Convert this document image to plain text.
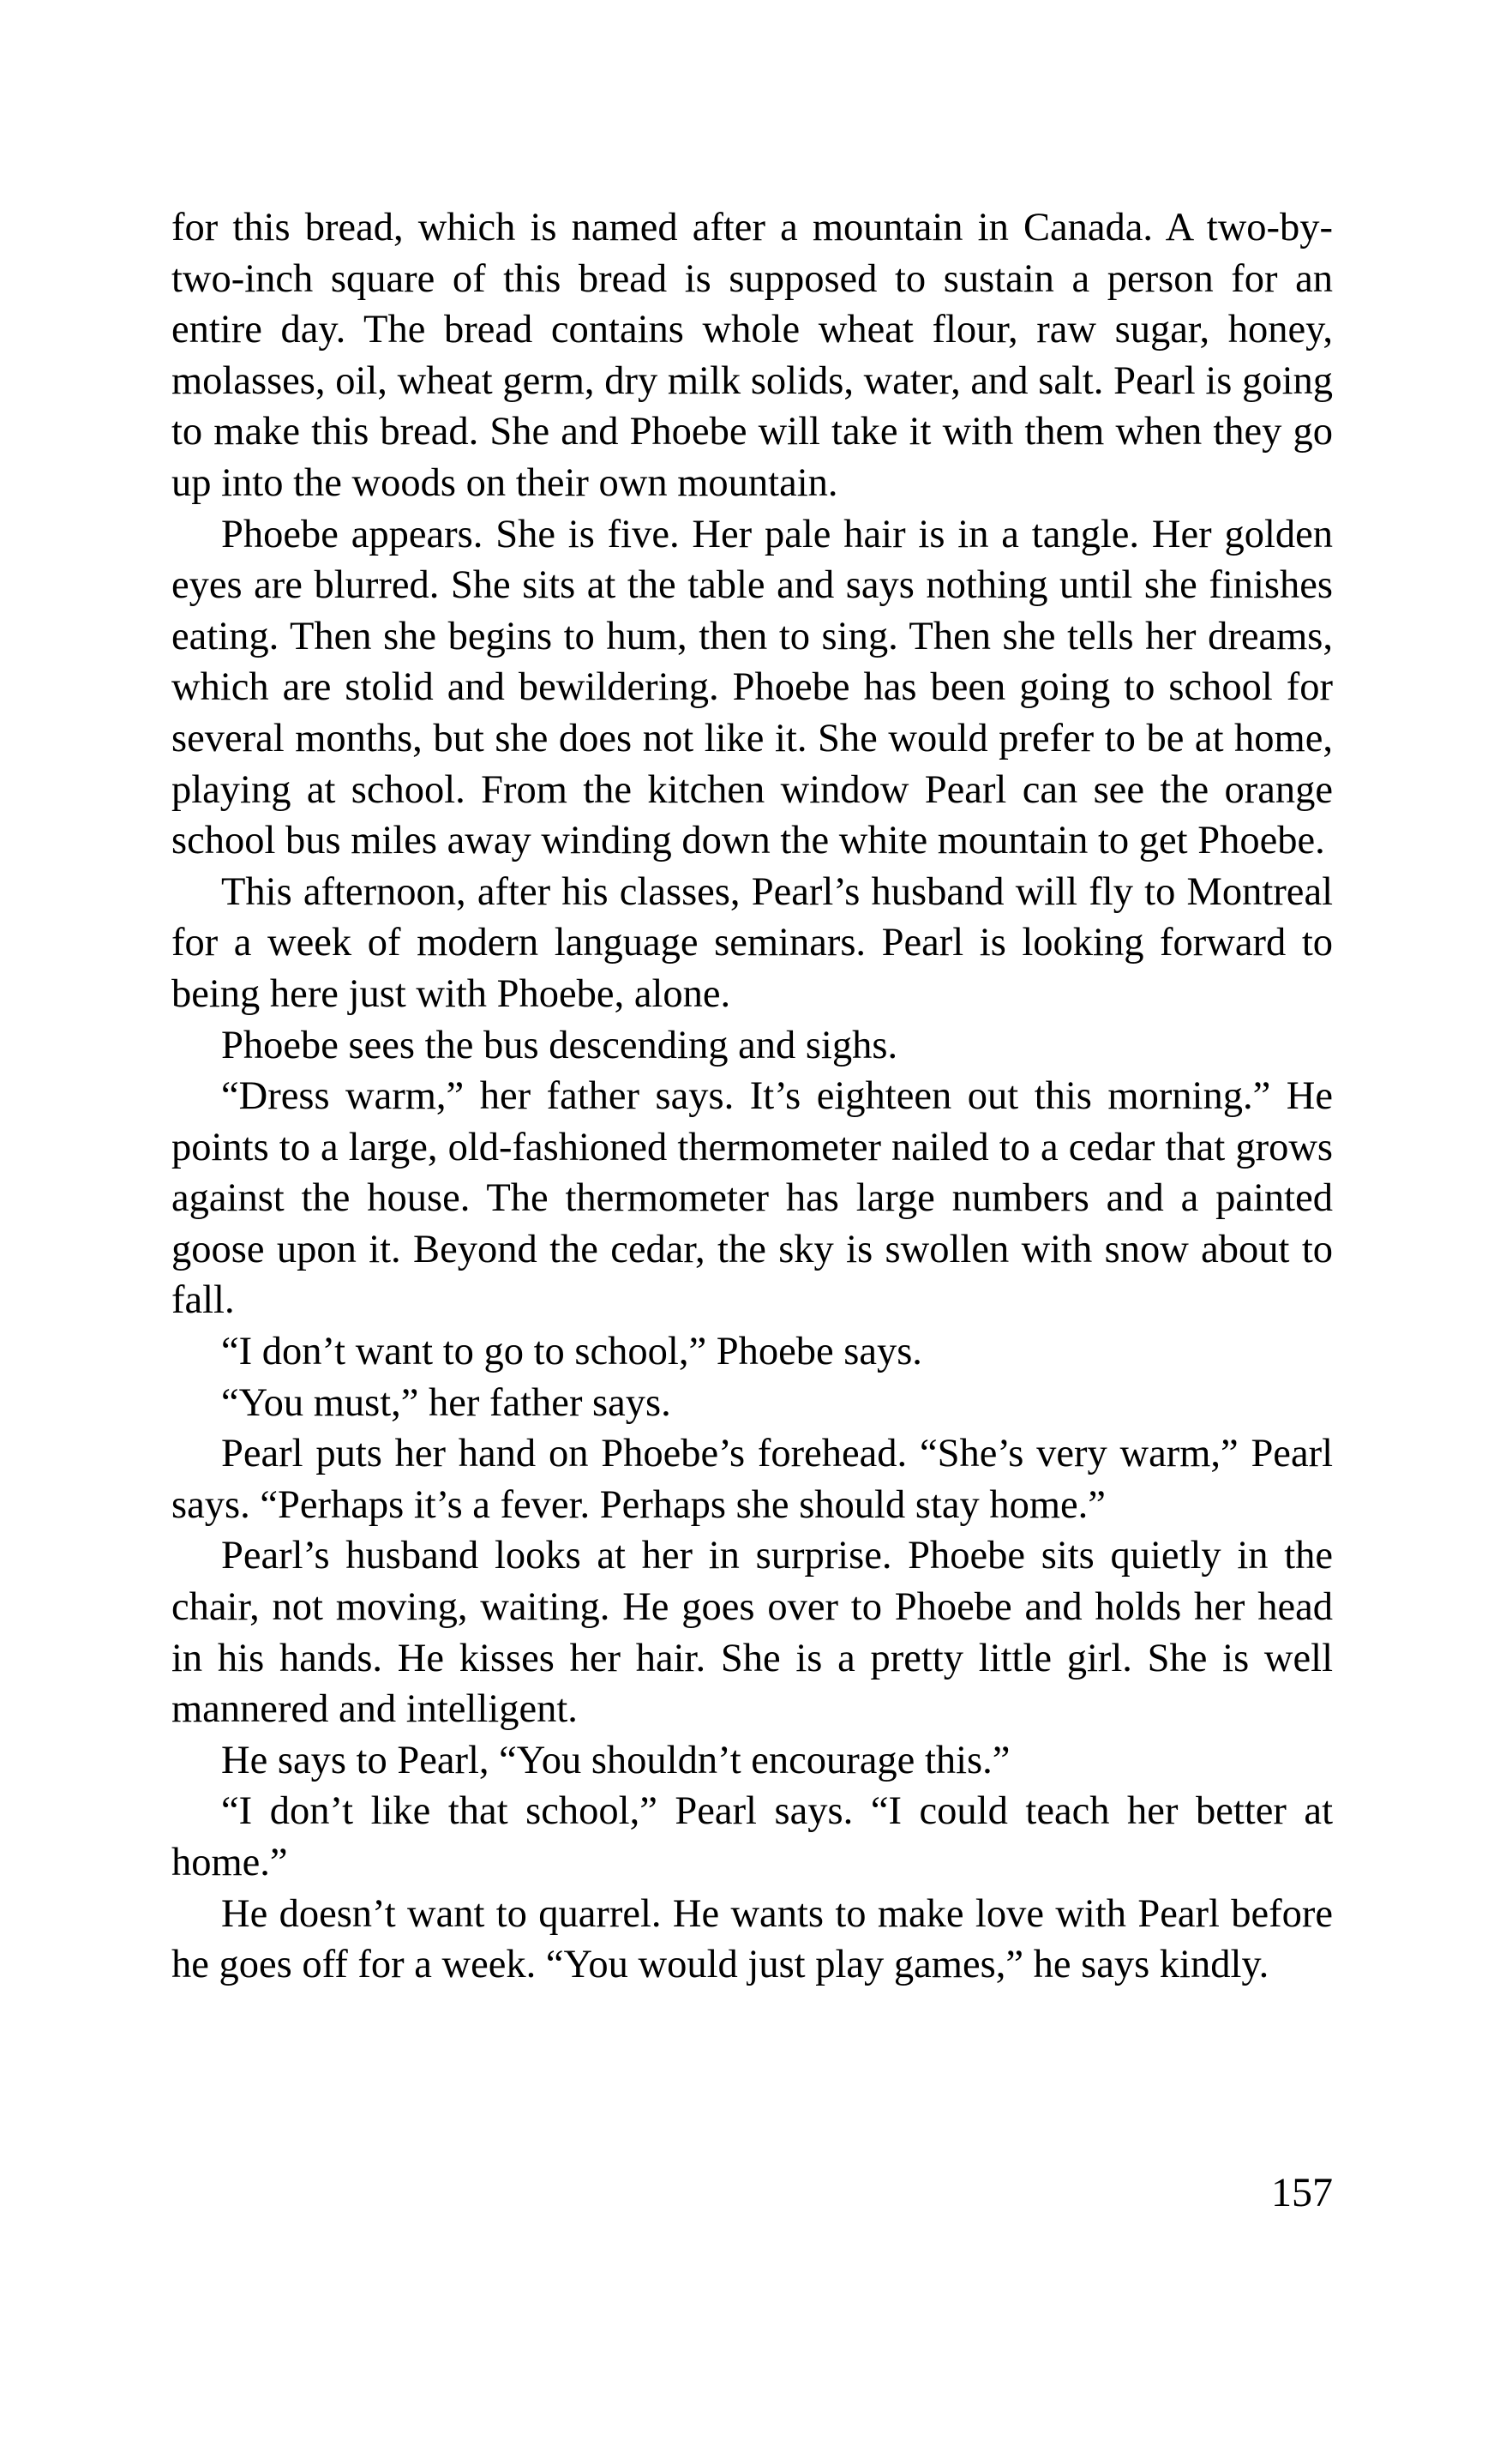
for this bread, which is named after a mountain in Canada. A two-by-two-inch square of this bread is supposed to sustain a person for an entire day. The bread contains whole wheat flour, raw sugar, honey, molasses, oil, wheat germ, dry milk solids, water, and salt. Pearl is going to make this bread. She and Phoebe will take it with them when they go up into the woods on their own mountain.

Phoebe appears. She is five. Her pale hair is in a tangle. Her golden eyes are blurred. She sits at the table and says nothing until she finishes eating. Then she begins to hum, then to sing. Then she tells her dreams, which are stolid and bewildering. Phoebe has been going to school for several months, but she does not like it. She would prefer to be at home, playing at school. From the kitchen window Pearl can see the orange school bus miles away winding down the white mountain to get Phoebe.

This afternoon, after his classes, Pearl’s husband will fly to Montreal for a week of modern language seminars. Pearl is looking forward to being here just with Phoebe, alone.

Phoebe sees the bus descending and sighs.

“Dress warm,” her father says. It’s eighteen out this morning.” He points to a large, old-fashioned thermometer nailed to a cedar that grows against the house. The thermometer has large numbers and a painted goose upon it. Beyond the cedar, the sky is swollen with snow about to fall.

“I don’t want to go to school,” Phoebe says.

“You must,” her father says.

Pearl puts her hand on Phoebe’s forehead. “She’s very warm,” Pearl says. “Perhaps it’s a fever. Perhaps she should stay home.”

Pearl’s husband looks at her in surprise. Phoebe sits quietly in the chair, not moving, waiting. He goes over to Phoebe and holds her head in his hands. He kisses her hair. She is a pretty little girl. She is well mannered and intelligent.

He says to Pearl, “You shouldn’t encourage this.”

“I don’t like that school,” Pearl says. “I could teach her better at home.”

He doesn’t want to quarrel. He wants to make love with Pearl before he goes off for a week. “You would just play games,” he says kindly.

157
